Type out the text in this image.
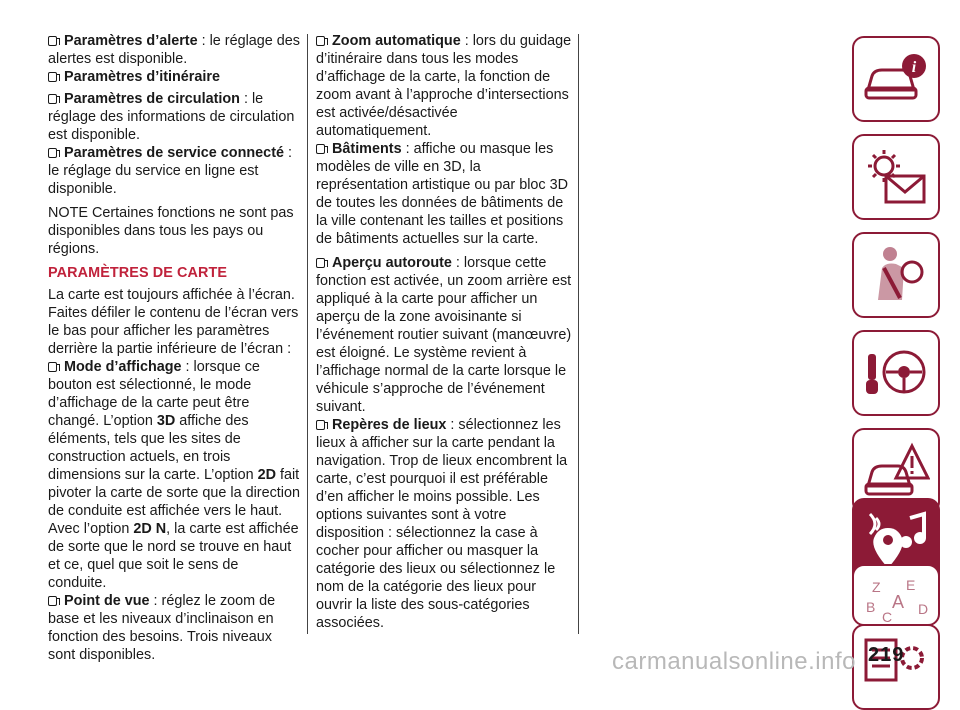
Paramètres d’alerte : le réglage des alertes est disponible.

Paramètres d’itinéraire

Paramètres de circulation : le réglage des informations de circulation est disponible.

Paramètres de service connecté : le réglage du service en ligne est disponible.

NOTE Certaines fonctions ne sont pas disponibles dans tous les pays ou régions.

PARAMÈTRES DE CARTE

La carte est toujours affichée à l’écran. Faites défiler le contenu de l’écran vers le bas pour afficher les paramètres derrière la partie inférieure de l’écran :

Mode d’affichage : lorsque ce bouton est sélectionné, le mode d’affichage de la carte peut être changé. L’option 3D affiche des éléments, tels que les sites de construction actuels, en trois dimensions sur la carte. L’option 2D fait pivoter la carte de sorte que la direction de conduite est affichée vers le haut. Avec l’option 2D N, la carte est affichée de sorte que le nord se trouve en haut et ce, quel que soit le sens de conduite.

Point de vue : réglez le zoom de base et les niveaux d’inclinaison en fonction des besoins. Trois niveaux sont disponibles.

Zoom automatique : lors du guidage d’itinéraire dans tous les modes d’affichage de la carte, la fonction de zoom avant à l’approche d’intersections est activée/désactivée automatiquement.

Bâtiments : affiche ou masque les modèles de ville en 3D, la représentation artistique ou par bloc 3D de toutes les données de bâtiments de la ville contenant les tailles et positions de bâtiments actuelles sur la carte.

Aperçu autoroute : lorsque cette fonction est activée, un zoom arrière est appliqué à la carte pour afficher un aperçu de la zone avoisinante si l’événement routier suivant (manœuvre) est éloigné. Le système revient à l’affichage normal de la carte lorsque le véhicule s’approche de l’événement suivant.

Repères de lieux : sélectionnez les lieux à afficher sur la carte pendant la navigation. Trop de lieux encombrent la carte, c’est pourquoi il est préférable d’en afficher le moins possible. Les options suivantes sont à votre disposition : sélectionnez la case à cocher pour afficher ou masquer la catégorie des lieux ou sélectionnez le nom de la catégorie des lieux pour ouvrir la liste des sous-catégories associées.

i
Z E
B A D
C
carmanualsonline.info 219
